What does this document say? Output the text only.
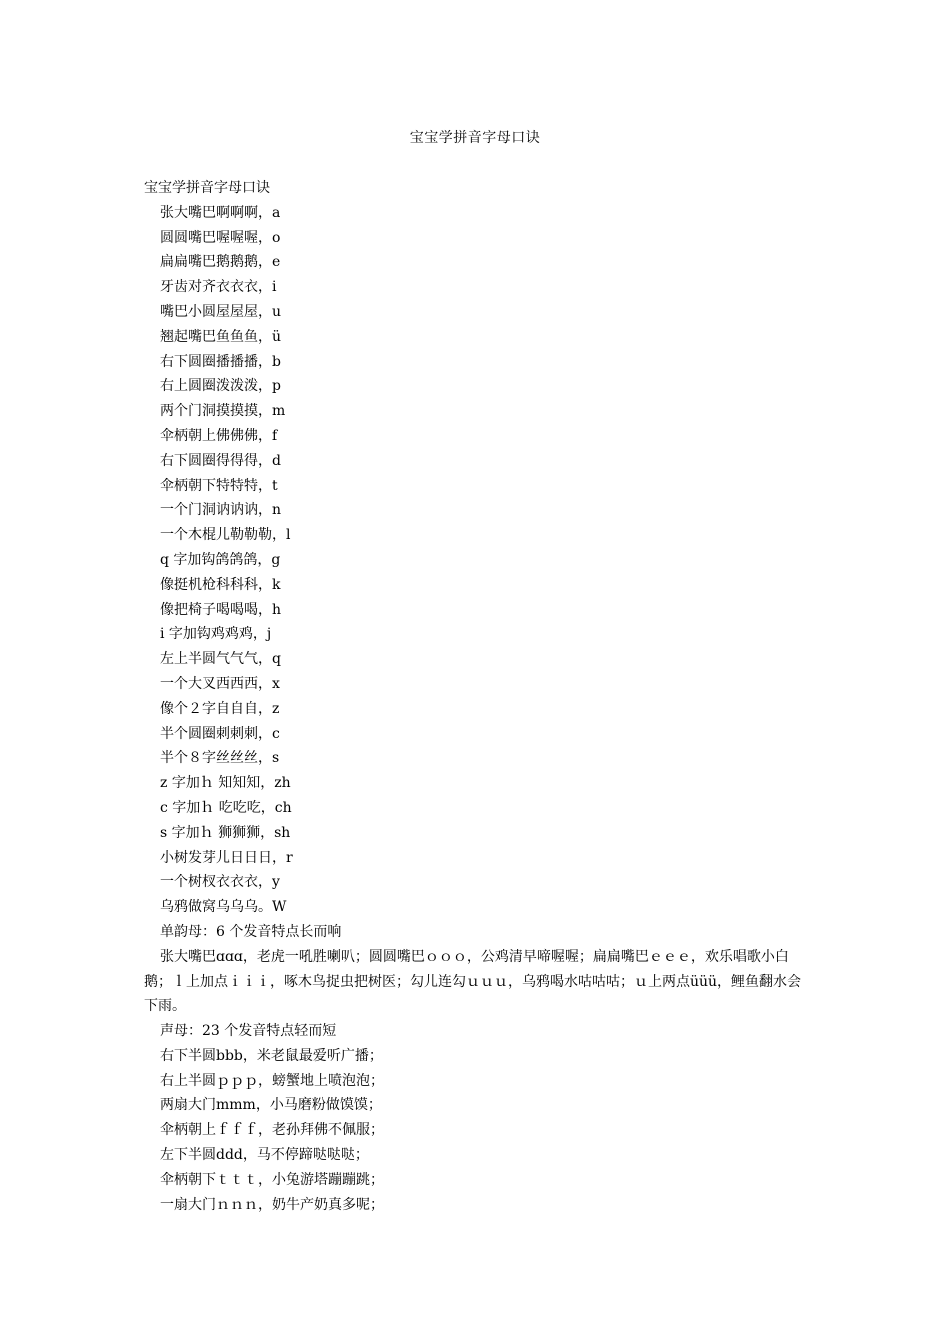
宝宝学拼音字母口诀

宝宝学拼音字母口诀

张大嘴巴啊啊啊，a

圆圆嘴巴喔喔喔，o

扁扁嘴巴鹅鹅鹅，e

牙齿对齐衣衣衣，i

嘴巴小圆屋屋屋，u

翘起嘴巴鱼鱼鱼，ü

右下圆圈播播播，b

右上圆圈泼泼泼，p

两个门洞摸摸摸，m

伞柄朝上佛佛佛，f

右下圆圈得得得，d

伞柄朝下特特特，t

一个门洞讷讷讷，n

一个木棍儿勒勒勒，l

q 字加钩鸽鸽鸽，g

像挺机枪科科科，k

像把椅子喝喝喝，h

i 字加钩鸡鸡鸡，j

左上半圆气气气，q

一个大叉西西西，x

像个２字自自自，z

半个圆圈刺刺刺，c

半个８字丝丝丝，s

z 字加ｈ 知知知，zh

c 字加ｈ 吃吃吃，ch

s 字加ｈ 狮狮狮，sh

小树发芽儿日日日，r

一个树杈衣衣衣，y

乌鸦做窝乌乌乌。W

单韵母：6 个发音特点长而响

张大嘴巴ɑɑɑ，老虎一吼胜喇叭；圆圆嘴巴ｏｏｏ，公鸡清早啼喔喔；扁扁嘴巴ｅｅｅ，欢乐唱歌小白鹅；ｌ上加点ｉｉｉ，啄木鸟捉虫把树医；勾儿连勾ｕｕｕ，乌鸦喝水咕咕咕；ｕ上两点üüü，鲤鱼翻水会下雨。

声母：23 个发音特点轻而短

右下半圆bbb，米老鼠最爱听广播；

右上半圆ｐｐｐ，螃蟹地上喷泡泡；

两扇大门mmm，小马磨粉做馍馍；

伞柄朝上ｆｆｆ，老孙拜佛不佩服；

左下半圆ddd，马不停蹄哒哒哒；

伞柄朝下ｔｔｔ，小兔游塔蹦蹦跳；

一扇大门ｎｎｎ，奶牛产奶真多呢；
